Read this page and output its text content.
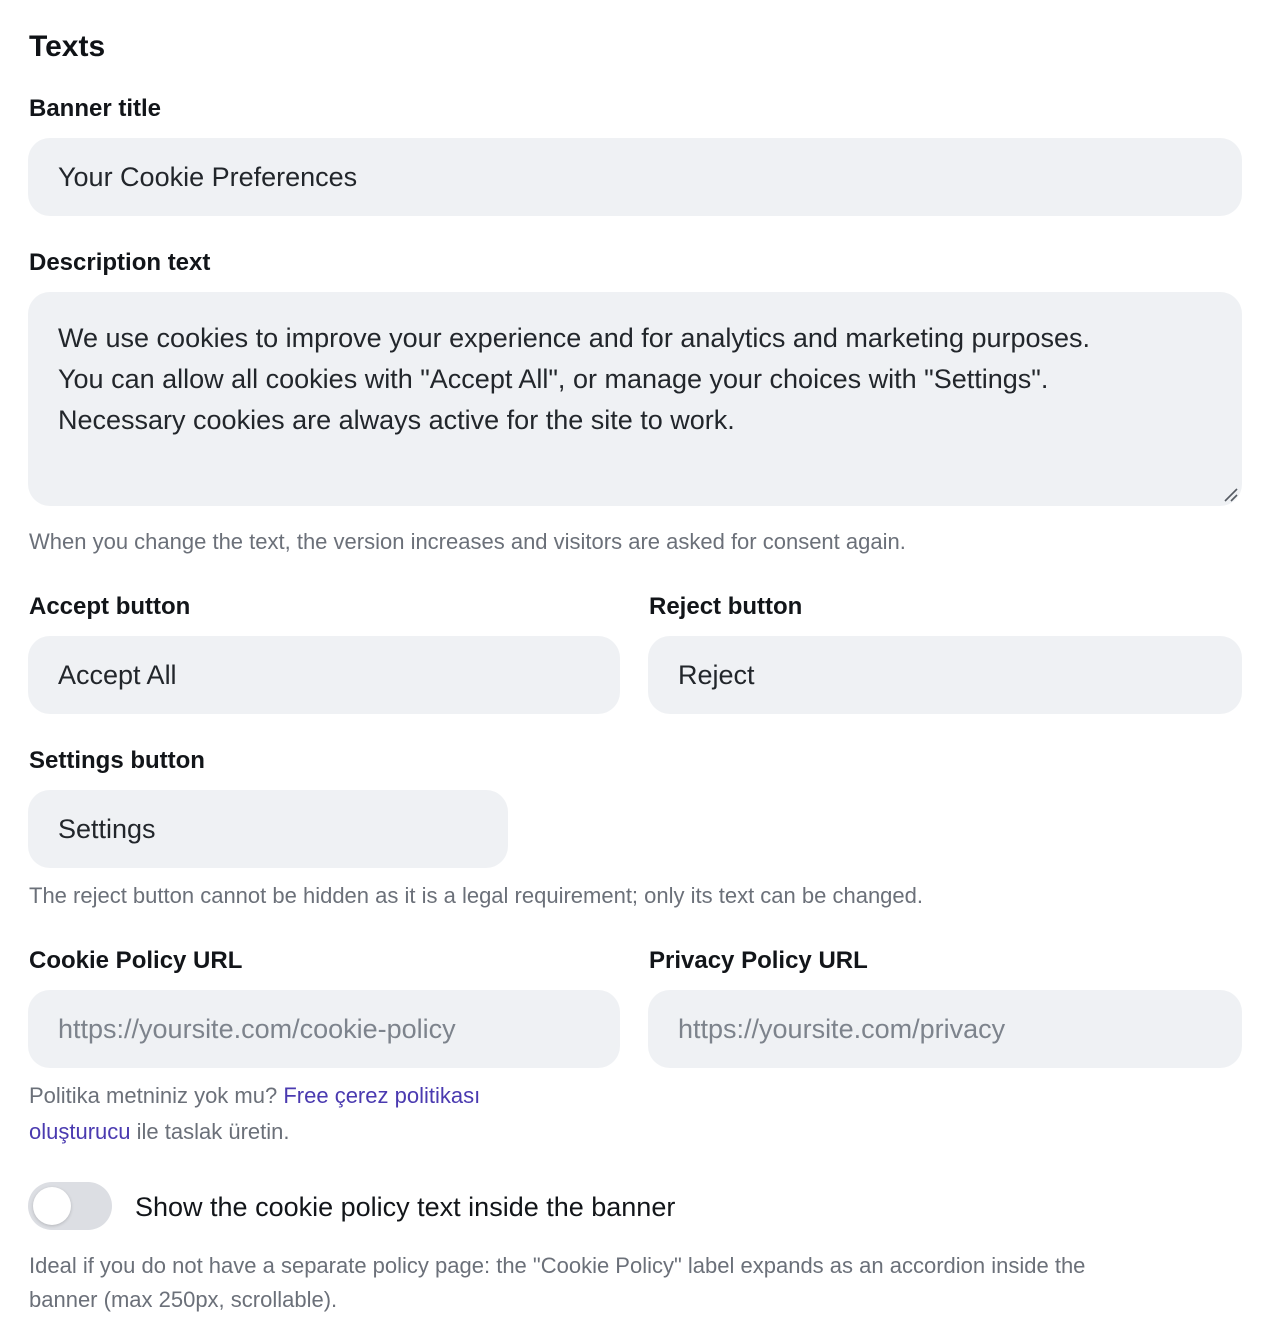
Texts
Banner title
Your Cookie Preferences
Description text
We use cookies to improve your experience and for analytics and marketing purposes.
You can allow all cookies with "Accept All", or manage your choices with "Settings".
Necessary cookies are always active for the site to work.
When you change the text, the version increases and visitors are asked for consent again.
Accept button
Accept All
Reject button
Reject
Settings button
Settings
The reject button cannot be hidden as it is a legal requirement; only its text can be changed.
Cookie Policy URL
https://yoursite.com/cookie-policy
Privacy Policy URL
https://yoursite.com/privacy
Politika metniniz yok mu? Free çerez politikası
oluşturucu ile taslak üretin.
Show the cookie policy text inside the banner
Ideal if you do not have a separate policy page: the "Cookie Policy" label expands as an accordion inside the
banner (max 250px, scrollable).
